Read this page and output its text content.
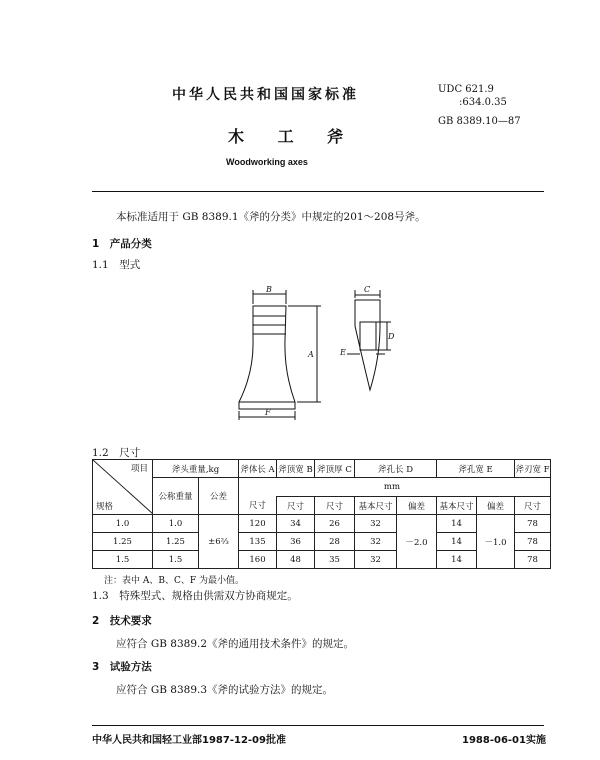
中华人民共和国国家标准	UDC 621.9
:634.0.35
GB 8389.10—87
木 工 斧
Woodworking axes
本标准适用于 GB 8389.1《斧的分类》中规定的201～208号斧。
1　产品分类
1.1　型式
B
A
F
C
D
E
1.2　尺寸
项目
规格	斧头重量,kg		斧体长 A	斧顶宽 B	斧顶厚 C	斧孔长 D		斧孔宽 E		斧刃宽 F
	公称重量	公差	mm							
			尺寸	尺寸	尺寸	基本尺寸	偏差	基本尺寸	偏差	尺寸
1.0	1.0	±6⅔	120	34	26	32	－2.0	14	－1.0	78
1.25	1.25		135	36	28	32		14		78
1.5	1.5		160	48	35	32		14		78
注：表中 A、B、C、F 为最小值。
1.3　特殊型式、规格由供需双方协商规定。
2　技术要求
应符合 GB 8389.2《斧的通用技术条件》的规定。
3　试验方法
应符合 GB 8389.3《斧的试验方法》的规定。
中华人民共和国轻工业部1987-12-09批准	1988-06-01实施
